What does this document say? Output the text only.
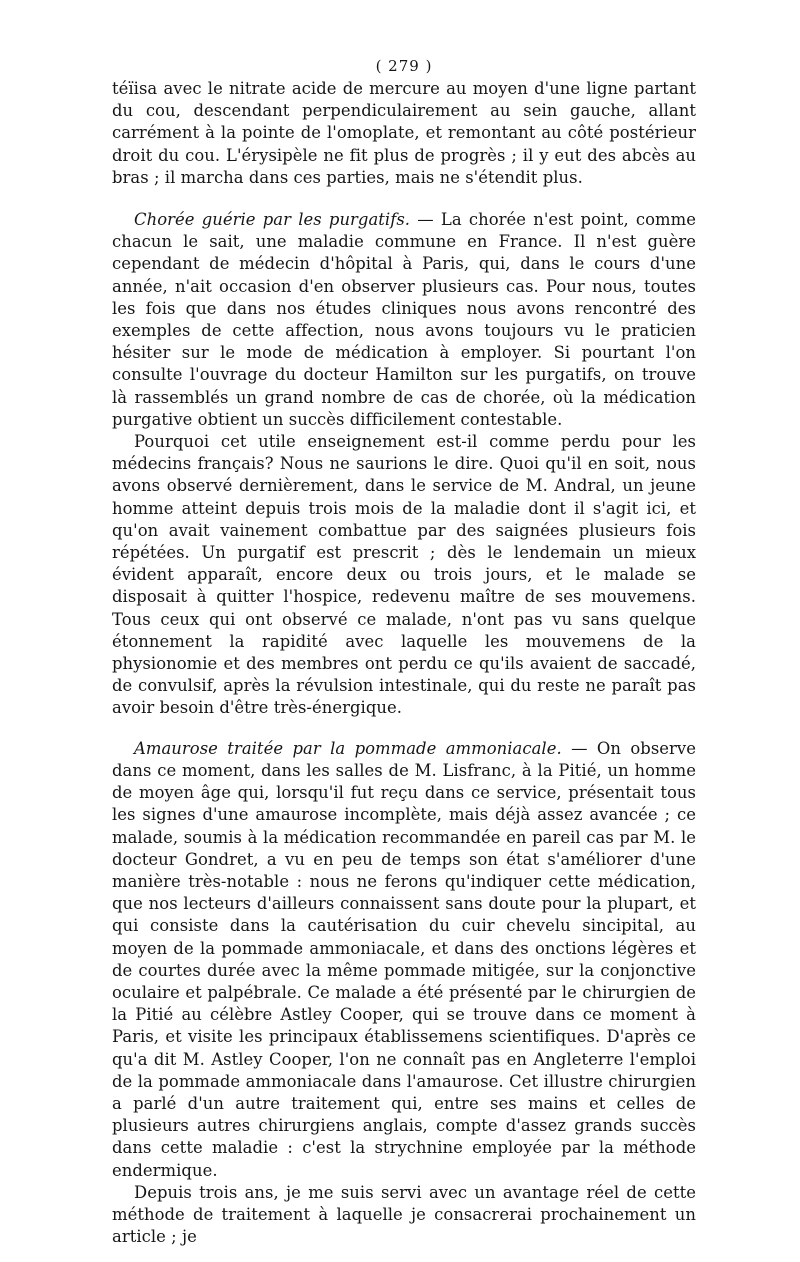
( 279 )

téïisa avec le nitrate acide de mercure au moyen d'une ligne partant du cou, descendant perpendiculairement au sein gauche, allant carrément à la pointe de l'omoplate, et remontant au côté postérieur droit du cou. L'érysipèle ne fit plus de progrès ; il y eut des abcès au bras ; il marcha dans ces parties, mais ne s'étendit plus.

Chorée guérie par les purgatifs. — La chorée n'est point, comme chacun le sait, une maladie commune en France. Il n'est guère cependant de médecin d'hôpital à Paris, qui, dans le cours d'une année, n'ait occasion d'en observer plusieurs cas. Pour nous, toutes les fois que dans nos études cliniques nous avons rencontré des exemples de cette affection, nous avons toujours vu le praticien hésiter sur le mode de médication à employer. Si pourtant l'on consulte l'ouvrage du docteur Hamilton sur les purgatifs, on trouve là rassemblés un grand nombre de cas de chorée, où la médication purgative obtient un succès difficilement contestable.

Pourquoi cet utile enseignement est-il comme perdu pour les médecins français? Nous ne saurions le dire. Quoi qu'il en soit, nous avons observé dernièrement, dans le service de M. Andral, un jeune homme atteint depuis trois mois de la maladie dont il s'agit ici, et qu'on avait vainement combattue par des saignées plusieurs fois répétées. Un purgatif est prescrit ; dès le lendemain un mieux évident apparaît, encore deux ou trois jours, et le malade se disposait à quitter l'hospice, redevenu maître de ses mouvemens. Tous ceux qui ont observé ce malade, n'ont pas vu sans quelque étonnement la rapidité avec laquelle les mouvemens de la physionomie et des membres ont perdu ce qu'ils avaient de saccadé, de convulsif, après la révulsion intestinale, qui du reste ne paraît pas avoir besoin d'être très-énergique.

Amaurose traitée par la pommade ammoniacale. — On observe dans ce moment, dans les salles de M. Lisfranc, à la Pitié, un homme de moyen âge qui, lorsqu'il fut reçu dans ce service, présentait tous les signes d'une amaurose incomplète, mais déjà assez avancée ; ce malade, soumis à la médication recommandée en pareil cas par M. le docteur Gondret, a vu en peu de temps son état s'améliorer d'une manière très-notable : nous ne ferons qu'indiquer cette médication, que nos lecteurs d'ailleurs connaissent sans doute pour la plupart, et qui consiste dans la cautérisation du cuir chevelu sincipital, au moyen de la pommade ammoniacale, et dans des onctions légères et de courtes durée avec la même pommade mitigée, sur la conjonctive oculaire et palpébrale. Ce malade a été présenté par le chirurgien de la Pitié au célèbre Astley Cooper, qui se trouve dans ce moment à Paris, et visite les principaux établissemens scientifiques. D'après ce qu'a dit M. Astley Cooper, l'on ne connaît pas en Angleterre l'emploi de la pommade ammoniacale dans l'amaurose. Cet illustre chirurgien a parlé d'un autre traitement qui, entre ses mains et celles de plusieurs autres chirurgiens anglais, compte d'assez grands succès dans cette maladie : c'est la strychnine employée par la méthode endermique.

Depuis trois ans, je me suis servi avec un avantage réel de cette méthode de traitement à laquelle je consacrerai prochainement un article ; je
